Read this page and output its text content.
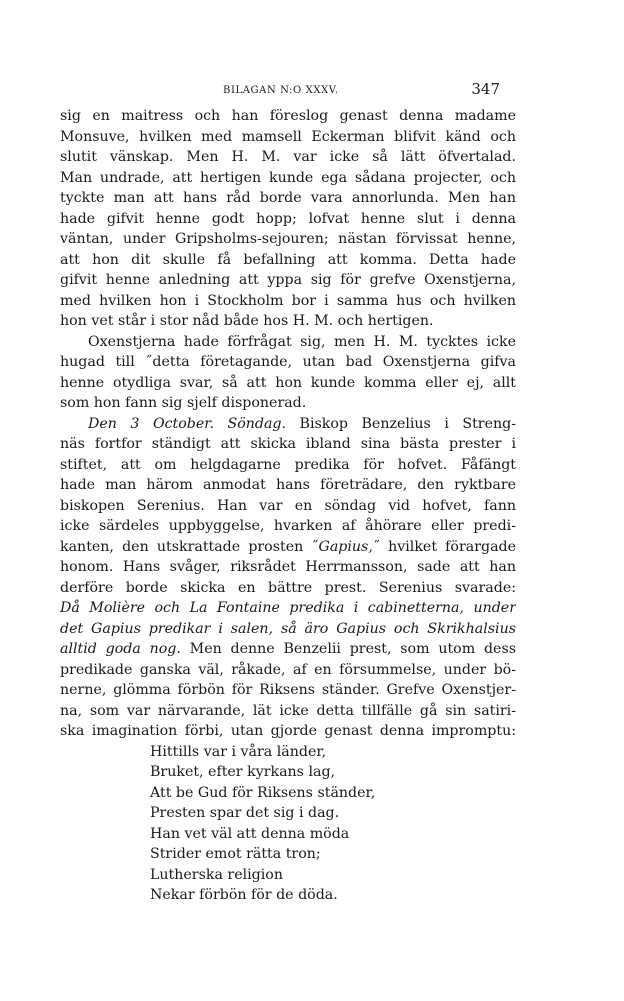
BILAGAN N:O XXXV.	347
sig en maitress och han föreslog genast denna madame
Monsuve, hvilken med mamsell Eckerman blifvit känd och
slutit vänskap. Men H. M. var icke så lätt öfvertalad.
Man undrade, att hertigen kunde ega sådana projecter, och
tyckte man att hans råd borde vara annorlunda. Men han
hade gifvit henne godt hopp; lofvat henne slut i denna
väntan, under Gripsholms-sejouren; nästan förvissat henne,
att hon dit skulle få befallning att komma. Detta hade
gifvit henne anledning att yppa sig för grefve Oxenstjerna,
med hvilken hon i Stockholm bor i samma hus och hvilken
hon vet står i stor nåd både hos H. M. och hertigen.
Oxenstjerna hade förfrågat sig, men H. M. tycktes icke
hugad till ˝detta företagande, utan bad Oxenstjerna gifva
henne otydliga svar, så att hon kunde komma eller ej, allt
som hon fann sig sjelf disponerad.
Den 3 October. Söndag. Biskop Benzelius i Streng-
näs fortfor ständigt att skicka ibland sina bästa prester i
stiftet, att om helgdagarne predika för hofvet. Fåfängt
hade man härom anmodat hans företrädare, den ryktbare
biskopen Serenius. Han var en söndag vid hofvet, fann
icke särdeles uppbyggelse, hvarken af åhörare eller predi-
kanten, den utskrattade prosten ˝Gapius,˝ hvilket förargade
honom. Hans svåger, riksrådet Herrmansson, sade att han
derföre borde skicka en bättre prest. Serenius svarade:
Då Molière och La Fontaine predika i cabinetterna, under
det Gapius predikar i salen, så äro Gapius och Skrikhalsius
alltid goda nog. Men denne Benzelii prest, som utom dess
predikade ganska väl, råkade, af en försummelse, under bö-
nerne, glömma förbön för Riksens ständer. Grefve Oxenstjer-
na, som var närvarande, lät icke detta tillfälle gå sin satiri-
ska imagination förbi, utan gjorde genast denna impromptu:
Hittills var i våra länder,
Bruket, efter kyrkans lag,
Att be Gud för Riksens ständer,
Presten spar det sig i dag.
Han vet väl att denna möda
Strider emot rätta tron;
Lutherska religion
Nekar förbön för de döda.
